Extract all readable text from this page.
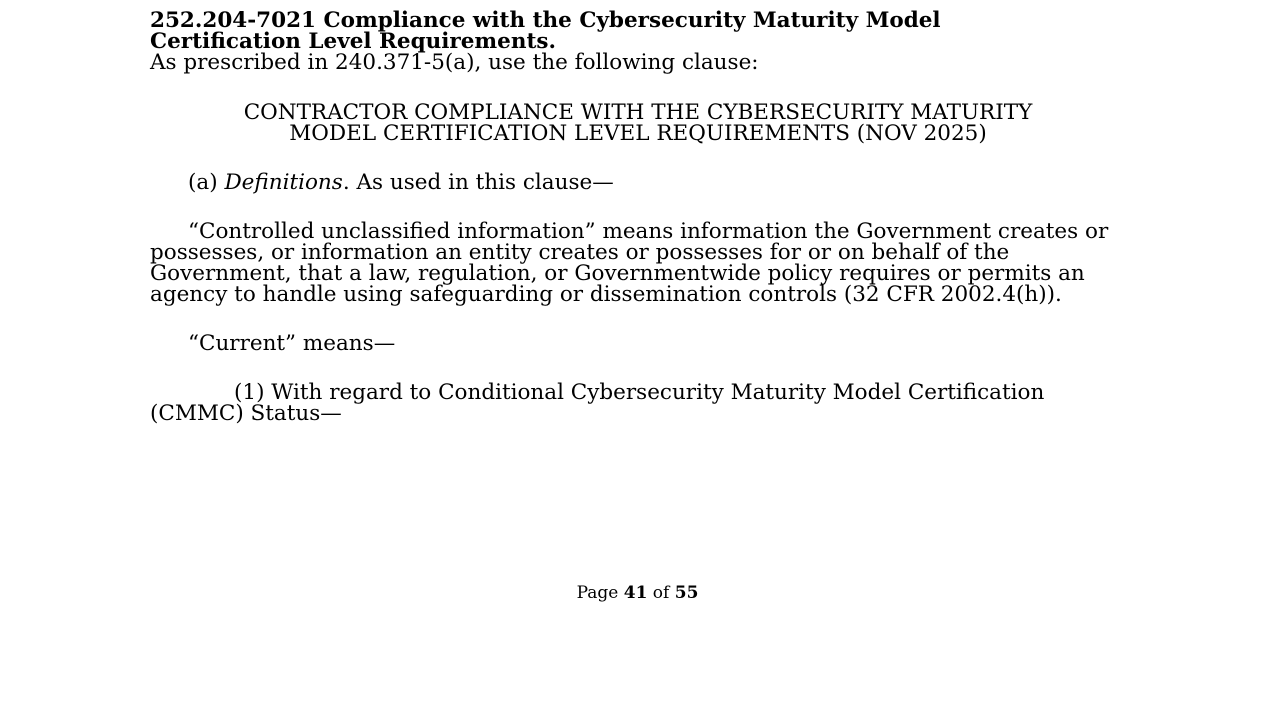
252.204-7021 Compliance with the Cybersecurity Maturity Model
Certification Level Requirements.

As prescribed in 240.371-5(a), use the following clause:

CONTRACTOR COMPLIANCE WITH THE CYBERSECURITY MATURITY
MODEL CERTIFICATION LEVEL REQUIREMENTS (NOV 2025)

(a) Definitions. As used in this clause—

“Controlled unclassified information” means information the Government creates or possesses, or information an entity creates or possesses for or on behalf of the Government, that a law, regulation, or Governmentwide policy requires or permits an agency to handle using safeguarding or dissemination controls (32 CFR 2002.4(h)).

“Current” means—

(1) With regard to Conditional Cybersecurity Maturity Model Certification (CMMC) Status—

Page 41 of 55
